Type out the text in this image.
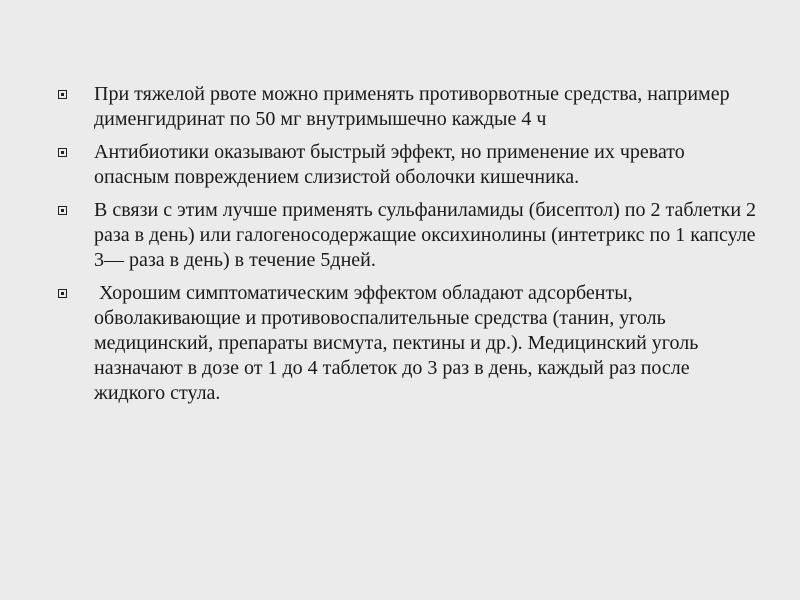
При тяжелой рвоте можно применять противорвотные средства, например дименгидринат по 50 мг внутримышечно каждые 4 ч
Антибиотики оказывают быстрый эффект, но применение их чревато опасным повреждением слизистой оболочки кишечника.
В связи с этим лучше применять сульфаниламиды (бисептол) по 2 таблетки 2 раза в день) или галогеносодержащие оксихинолины (интетрикс по 1 капсуле 3— раза в день) в течение 5дней.
Хорошим симптоматическим эффектом обладают адсорбенты, обволакивающие и противовоспалительные средства (танин, уголь медицинский, препараты висмута, пектины и др.). Медицинский уголь назначают в дозе от 1 до 4 таблеток до 3 раз в день, каждый раз после жидкого стула.
